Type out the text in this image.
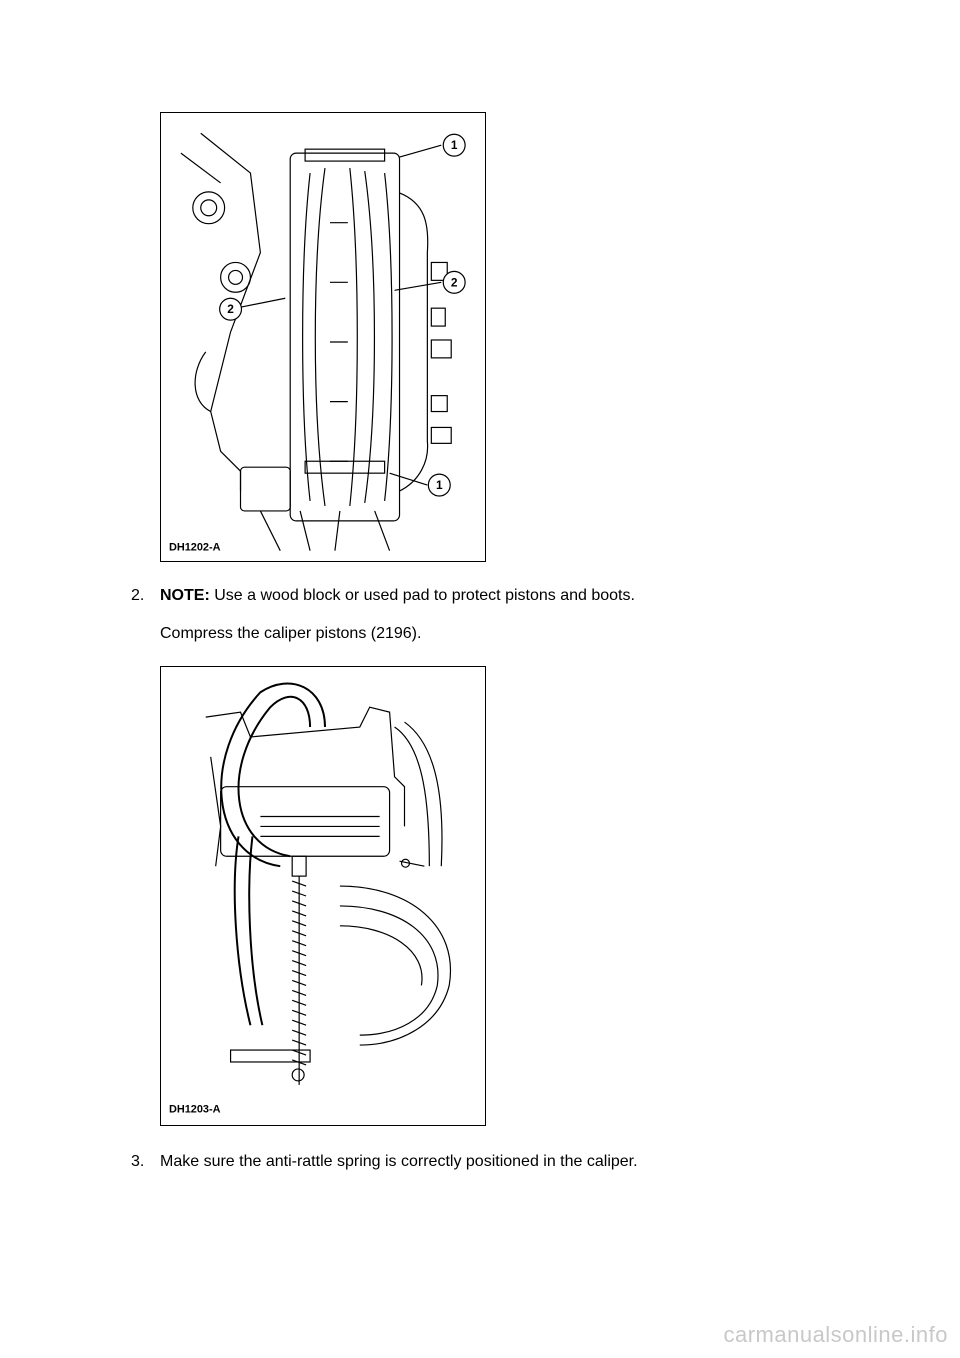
1
2
2
1
DH1202-A
2. NOTE: Use a wood block or used pad to protect pistons and boots.
Compress the caliper pistons (2196).
DH1203-A
3. Make sure the anti-rattle spring is correctly positioned in the caliper.
carmanualsonline.info
